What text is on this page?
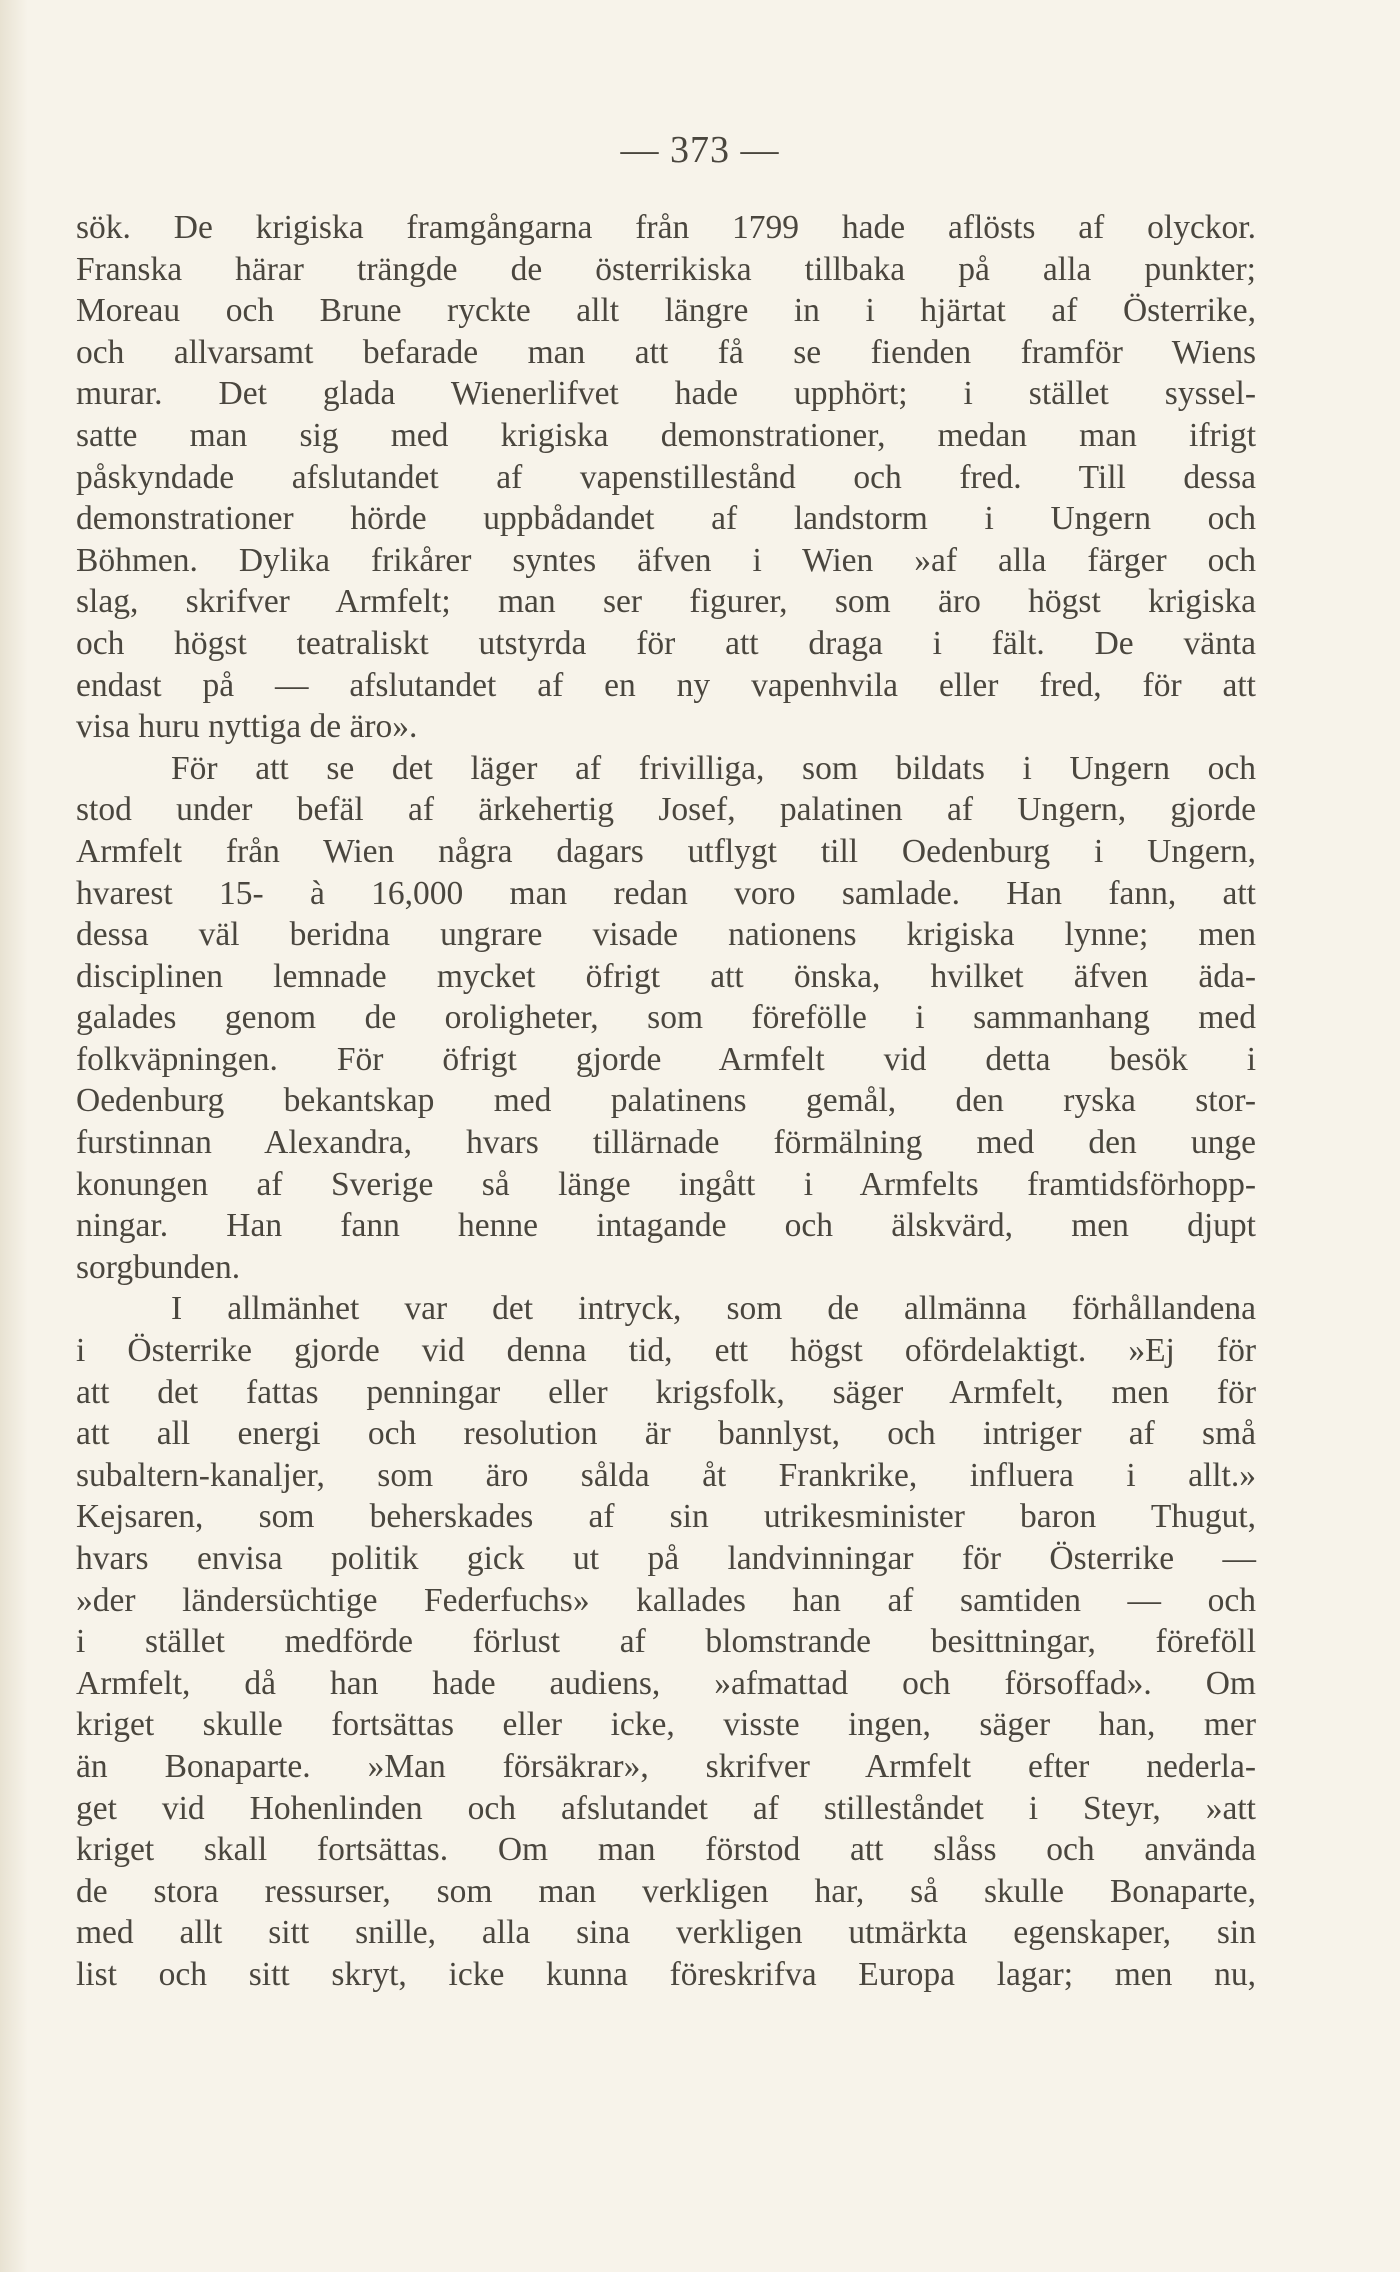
— 373 —
sök. De krigiska framgångarna från 1799 hade aflösts af olyckor.
Franska härar trängde de österrikiska tillbaka på alla punkter;
Moreau och Brune ryckte allt längre in i hjärtat af Österrike,
och allvarsamt befarade man att få se fienden framför Wiens
murar. Det glada Wienerlifvet hade upphört; i stället syssel-
satte man sig med krigiska demonstrationer, medan man ifrigt
påskyndade afslutandet af vapenstillestånd och fred. Till dessa
demonstrationer hörde uppbådandet af landstorm i Ungern och
Böhmen. Dylika frikårer syntes äfven i Wien »af alla färger och
slag, skrifver Armfelt; man ser figurer, som äro högst krigiska
och högst teatraliskt utstyrda för att draga i fält. De vänta
endast på — afslutandet af en ny vapenhvila eller fred, för att
visa huru nyttiga de äro».
För att se det läger af frivilliga, som bildats i Ungern och
stod under befäl af ärkehertig Josef, palatinen af Ungern, gjorde
Armfelt från Wien några dagars utflygt till Oedenburg i Ungern,
hvarest 15- à 16,000 man redan voro samlade. Han fann, att
dessa väl beridna ungrare visade nationens krigiska lynne; men
disciplinen lemnade mycket öfrigt att önska, hvilket äfven äda-
galades genom de oroligheter, som förefölle i sammanhang med
folkväpningen. För öfrigt gjorde Armfelt vid detta besök i
Oedenburg bekantskap med palatinens gemål, den ryska stor-
furstinnan Alexandra, hvars tillärnade förmälning med den unge
konungen af Sverige så länge ingått i Armfelts framtidsförhopp-
ningar. Han fann henne intagande och älskvärd, men djupt
sorgbunden.
I allmänhet var det intryck, som de allmänna förhållandena
i Österrike gjorde vid denna tid, ett högst ofördelaktigt. »Ej för
att det fattas penningar eller krigsfolk, säger Armfelt, men för
att all energi och resolution är bannlyst, och intriger af små
subaltern-kanaljer, som äro sålda åt Frankrike, influera i allt.»
Kejsaren, som beherskades af sin utrikesminister baron Thugut,
hvars envisa politik gick ut på landvinningar för Österrike —
»der ländersüchtige Federfuchs» kallades han af samtiden — och
i stället medförde förlust af blomstrande besittningar, föreföll
Armfelt, då han hade audiens, »afmattad och försoffad». Om
kriget skulle fortsättas eller icke, visste ingen, säger han, mer
än Bonaparte. »Man försäkrar», skrifver Armfelt efter nederla-
get vid Hohenlinden och afslutandet af stilleståndet i Steyr, »att
kriget skall fortsättas. Om man förstod att slåss och använda
de stora ressurser, som man verkligen har, så skulle Bonaparte,
med allt sitt snille, alla sina verkligen utmärkta egenskaper, sin
list och sitt skryt, icke kunna föreskrifva Europa lagar; men nu,
